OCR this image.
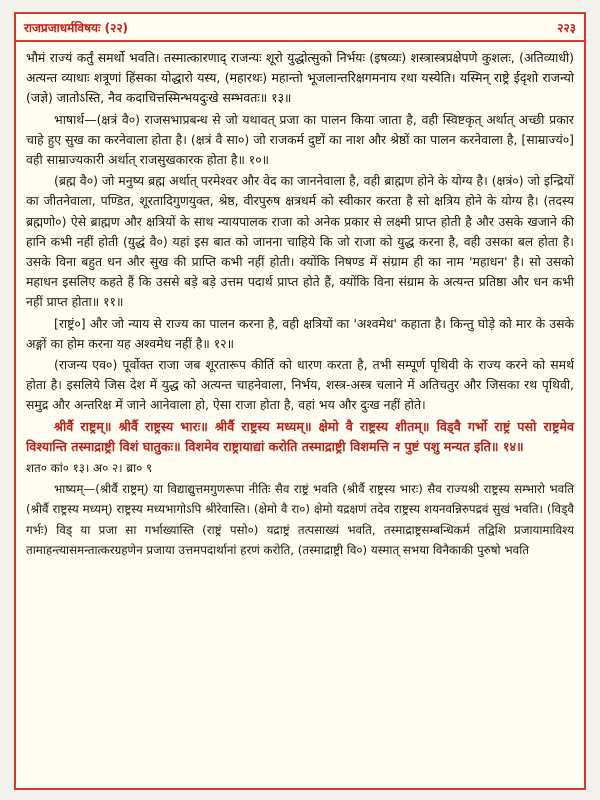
राजप्रजाधर्मविषयः (२२)	२२३

भौमं राज्यं कर्तुं समर्थो भवति। तस्मात्कारणाद् राजन्यः शूरो युद्धोत्सुको निर्भयः (इषव्यः) शस्त्रास्त्रप्रक्षेपणे कुशलः, (अतिव्याधी) अत्यन्त व्याधाः शत्रूणां हिंसका योद्धारो यस्य, (महारथः) महान्तो भूजलान्तरिक्षगमनाय रथा यस्येति। यस्मिन् राष्ट्रे ईदृशो राजन्यो (जज्ञे) जातोऽस्ति, नैव कदाचित्तस्मिन्भयदुःखे सम्भवतः॥ १३॥

भाषार्थ—(क्षत्रं वै०) राजसभाप्रबन्ध से जो यथावत् प्रजा का पालन किया जाता है, वही स्विष्टकृत् अर्थात् अच्छी प्रकार चाहे हुए सुख का करनेवाला होता है। (क्षत्रं वै सा०) जो राजकर्म दुष्टों का नाश और श्रेष्ठों का पालन करनेवाला है, [साम्राज्यं०] वही साम्राज्यकारी अर्थात् राजसुखकारक होता है॥ १०॥

(ब्रह्म वै०) जो मनुष्य ब्रह्म अर्थात् परमेश्वर और वेद का जाननेवाला है, वही ब्राह्मण होने के योग्य है। (क्षत्रं०) जो इन्द्रियों का जीतनेवाला, पण्डित, शूरतादिगुणयुक्त, श्रेष्ठ, वीरपुरुष क्षत्रधर्म को स्वीकार करता है सो क्षत्रिय होने के योग्य है। (तदस्य ब्रह्मणो०) ऐसे ब्राह्मण और क्षत्रियों के साथ न्यायपालक राजा को अनेक प्रकार से लक्ष्मी प्राप्त होती है और उसके खजाने की हानि कभी नहीं होती (युद्धं वै०) यहां इस बात को जानना चाहिये कि जो राजा को युद्ध करना है, वही उसका बल होता है। उसके विना बहुत धन और सुख की प्राप्ति कभी नहीं होती। क्योंकि निषण्ड में संग्राम ही का नाम 'महाधन' है। सो उसको महाधन इसलिए कहते हैं कि उससे बड़े बड़े उत्तम पदार्थ प्राप्त होते हैं, क्योंकि विना संग्राम के अत्यन्त प्रतिष्ठा और धन कभी नहीं प्राप्त होता॥ ११॥

[राष्ट्रं०] और जो न्याय से राज्य का पालन करना है, वही क्षत्रियों का 'अश्वमेध' कहाता है। किन्तु घोड़े को मार के उसके अङ्गों का होम करना यह अश्वमेध नहीं है॥ १२॥

(राजन्य एव०) पूर्वोक्त राजा जब शूरतारूप कीर्ति को धारण करता है, तभी सम्पूर्ण पृथिवी के राज्य करने को समर्थ होता है। इसलिये जिस देश में युद्ध को अत्यन्त चाहनेवाला, निर्भय, शस्त्र-अस्त्र चलाने में अतिचतुर और जिसका रथ पृथिवी, समुद्र और अन्तरिक्ष में जाने आनेवाला हो, ऐसा राजा होता है, वहां भय और दुःख नहीं होते।

श्रीर्वै राष्ट्रम्॥ श्रीर्वै राष्ट्रस्य भारः॥ श्रीर्वै राष्ट्रस्य मध्यम्॥ क्षेमो वै राष्ट्रस्य शीतम्॥ विड्वै गर्भो राष्ट्रं पसो राष्ट्रमेव विश्यान्ति तस्माद्राष्ट्री विशं घातुकः॥ विशमेव राष्ट्रायाद्यां करोति तस्माद्राष्ट्री विशमत्ति न पुष्टं पशु मन्यत इति॥ १४॥

शत० कां० १३। अ० २। ब्रा० ९

भाष्यम्—(श्रीर्वै राष्ट्रम्) या विद्याद्युत्तमगुणरूपा नीतिः सैव राष्ट्रं भवति (श्रीर्वै राष्ट्रस्य भारः) सैव राज्यश्री राष्ट्रस्य सम्भारो भवति (श्रीर्वै राष्ट्रस्य मध्यम्) राष्ट्रस्य मध्यभागोऽपि श्रीरेवास्ति। (क्षेमो वै रा०) क्षेमो यद्रक्षणं तदेव राष्ट्रस्य शयनवन्निरुपद्रवं सुखं भवति। (विड्वै गर्भः) विड् या प्रजा सा गर्भाख्यास्ति (राष्ट्रं पसो०) यद्राष्ट्रं तत्पसाख्यं भवति, तस्माद्राष्ट्रसम्बन्धिकर्म तद्विशि प्रजायामाविश्य तामाहन्त्यासमन्तात्करग्रहणेन प्रजाया उत्तमपदार्थानां हरणं करोति, (तस्माद्राष्ट्री वि०) यस्मात् सभया विनैकाकी पुरुषो भवति
